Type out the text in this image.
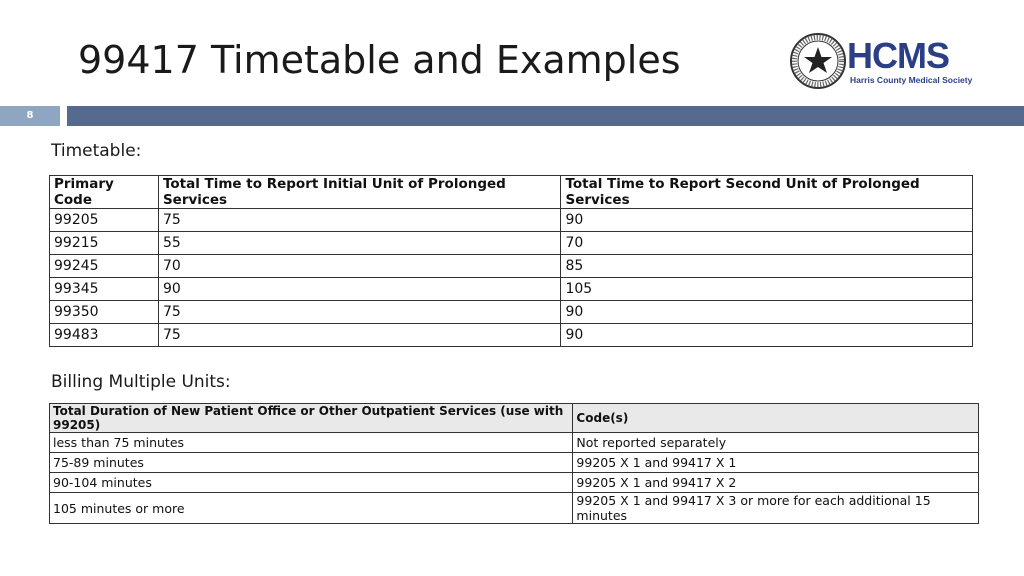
99417 Timetable and Examples	HCMS
Harris County Medical Society
8
Timetable:
Primary Code	Total Time to Report Initial Unit of Prolonged Services	Total Time to Report Second Unit of Prolonged Services
99205	75	90
99215	55	70
99245	70	85
99345	90	105
99350	75	90
99483	75	90
Billing Multiple Units:
Total Duration of New Patient Office or Other Outpatient Services (use with 99205)	Code(s)
less than 75 minutes	Not reported separately
75-89 minutes	99205 X 1 and 99417 X 1
90-104 minutes	99205 X 1 and 99417 X 2
105 minutes or more	99205 X 1 and 99417 X 3 or more for each additional 15 minutes
